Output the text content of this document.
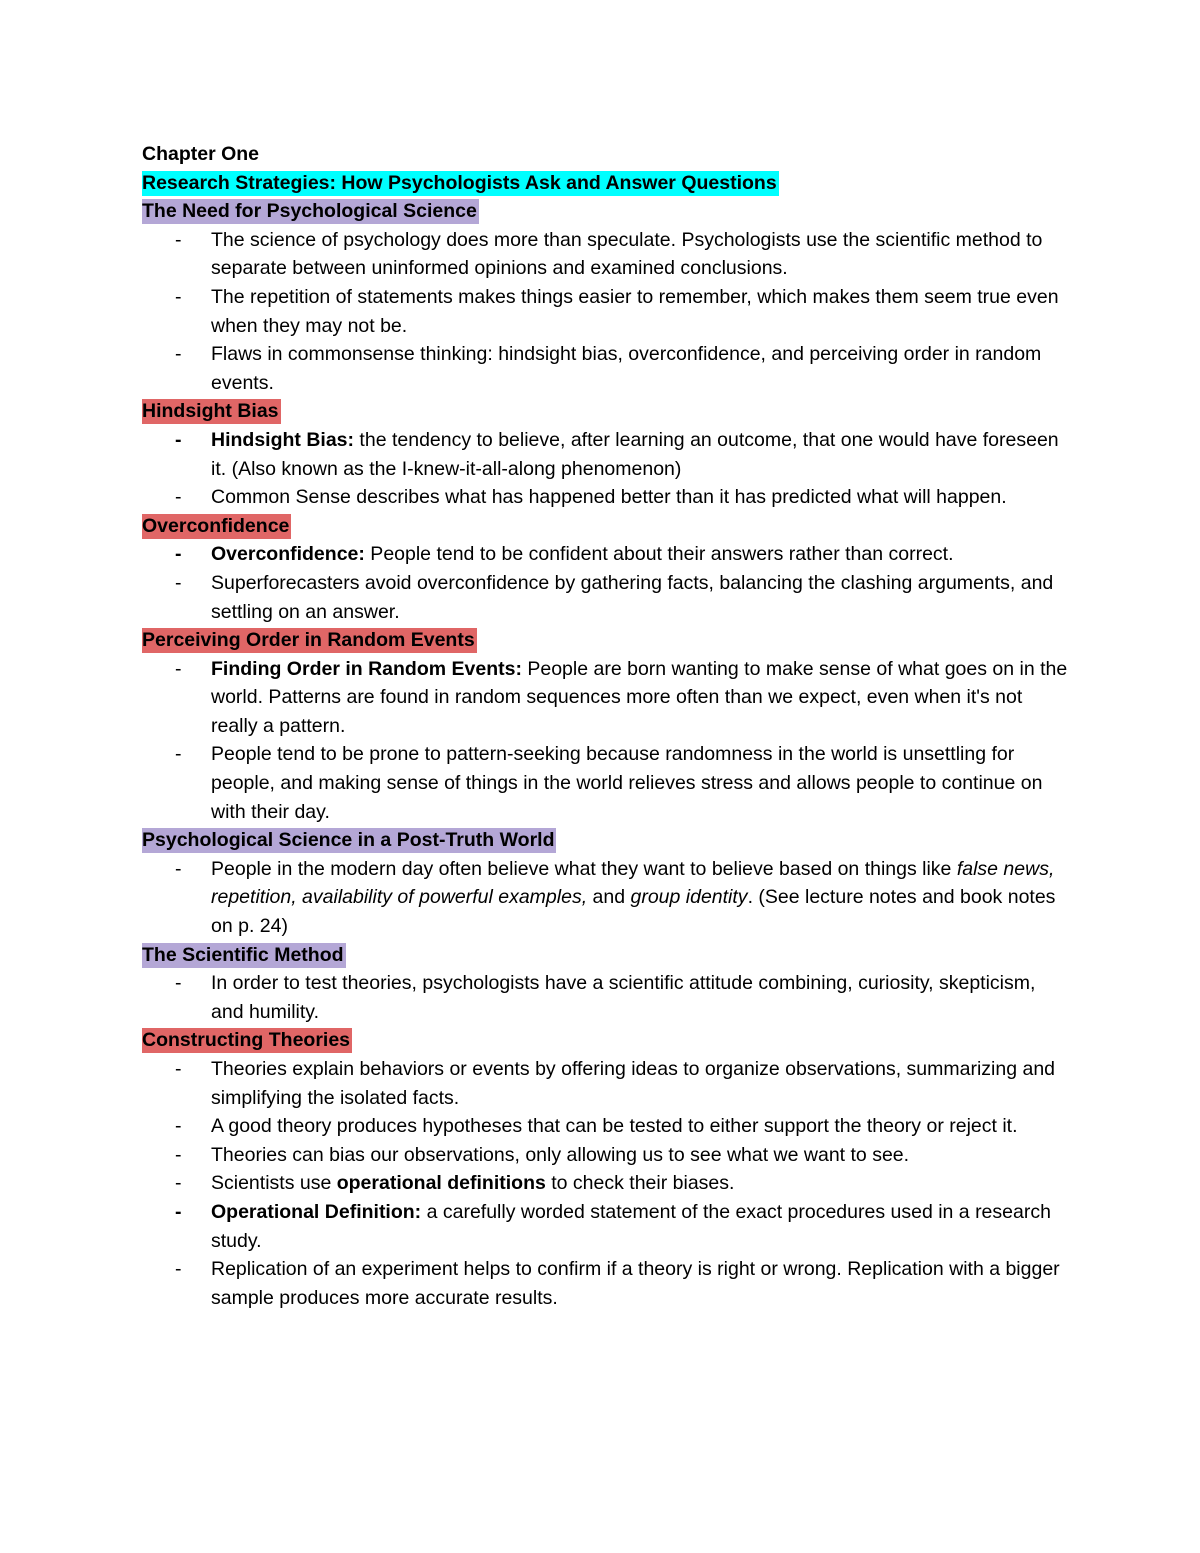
Chapter One

Research Strategies: How Psychologists Ask and Answer Questions

The Need for Psychological Science

- The science of psychology does more than speculate. Psychologists use the scientific method to separate between uninformed opinions and examined conclusions.
- The repetition of statements makes things easier to remember, which makes them seem true even when they may not be.
- Flaws in commonsense thinking: hindsight bias, overconfidence, and perceiving order in random events.

Hindsight Bias

- Hindsight Bias: the tendency to believe, after learning an outcome, that one would have foreseen it. (Also known as the I-knew-it-all-along phenomenon)
- Common Sense describes what has happened better than it has predicted what will happen.

Overconfidence

- Overconfidence: People tend to be confident about their answers rather than correct.
- Superforecasters avoid overconfidence by gathering facts, balancing the clashing arguments, and settling on an answer.

Perceiving Order in Random Events

- Finding Order in Random Events: People are born wanting to make sense of what goes on in the world. Patterns are found in random sequences more often than we expect, even when it's not really a pattern.
- People tend to be prone to pattern-seeking because randomness in the world is unsettling for people, and making sense of things in the world relieves stress and allows people to continue on with their day.

Psychological Science in a Post-Truth World

- People in the modern day often believe what they want to believe based on things like false news, repetition, availability of powerful examples, and group identity. (See lecture notes and book notes on p. 24)

The Scientific Method

- In order to test theories, psychologists have a scientific attitude combining, curiosity, skepticism, and humility.

Constructing Theories

- Theories explain behaviors or events by offering ideas to organize observations, summarizing and simplifying the isolated facts.
- A good theory produces hypotheses that can be tested to either support the theory or reject it.
- Theories can bias our observations, only allowing us to see what we want to see.
- Scientists use operational definitions to check their biases.
- Operational Definition: a carefully worded statement of the exact procedures used in a research study.
- Replication of an experiment helps to confirm if a theory is right or wrong. Replication with a bigger sample produces more accurate results.
